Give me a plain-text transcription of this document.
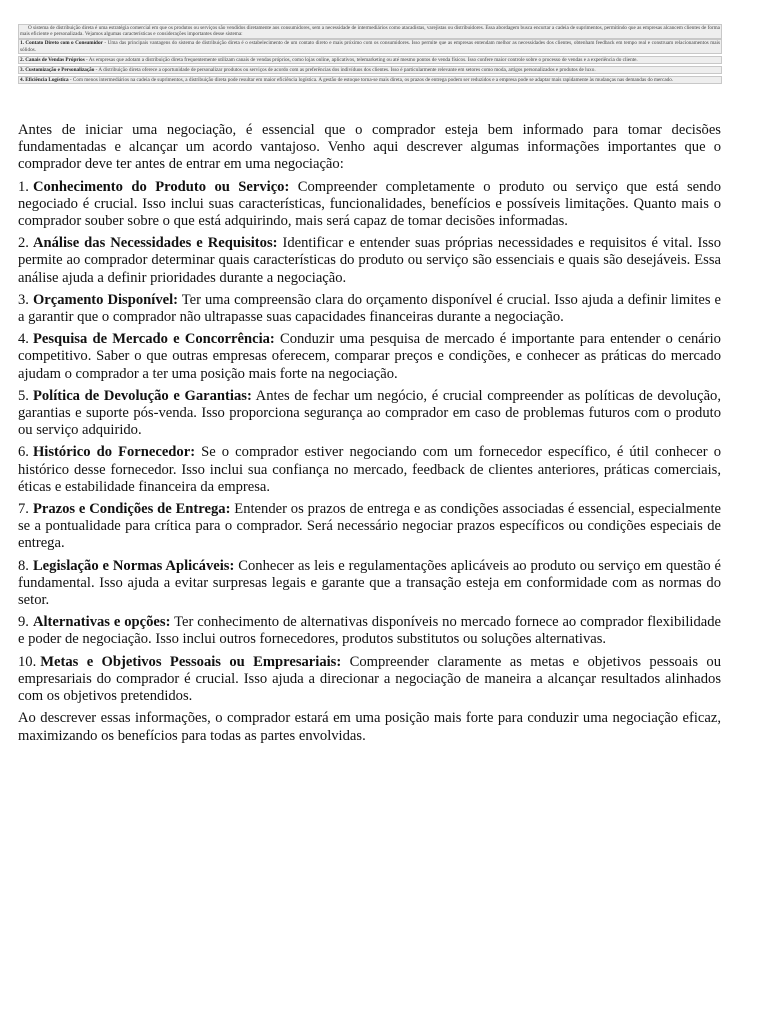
O sistema de distribuição direta é uma estratégia comercial em que os produtos ou serviços são vendidos diretamente aos consumidores, sem a necessidade de intermediários como atacadistas, varejistas ou distribuidores. Essa abordagem busca encurtar a cadeia de suprimentos, permitindo que as empresas alcancem clientes de forma mais eficiente e personalizada. Vejamos algumas características e considerações importantes desse sistema:
1. Contato Direto com o Consumidor - Uma das principais vantagens do sistema de distribuição direta é o estabelecimento de um contato direto e mais próximo com os consumidores. Isso permite que as empresas entendam melhor as necessidades dos clientes, obtenham feedback em tempo real e construam relacionamentos mais sólidos.
2. Canais de Vendas Próprios - As empresas que adotam a distribuição direta frequentemente utilizam canais de vendas próprios, como lojas online, aplicativos, telemarketing ou até mesmo pontos de venda físicos. Isso confere maior controle sobre o processo de vendas e a experiência do cliente.
3. Customização e Personalização - A distribuição direta oferece a oportunidade de personalizar produtos ou serviços de acordo com as preferências dos indivíduos dos clientes. Isso é particularmente relevante em setores como moda, artigos personalizados e produtos de luxo.
4. Eficiência Logística - Com menos intermediários na cadeia de suprimentos, a distribuição direta pode resultar em maior eficiência logística. A gestão de estoque torna-se mais direta, os prazos de entrega podem ser reduzidos e a empresa pode se adaptar mais rapidamente às mudanças nas demandas do mercado.

Antes de iniciar uma negociação, é essencial que o comprador esteja bem informado para tomar decisões fundamentadas e alcançar um acordo vantajoso. Venho aqui descrever algumas informações importantes que o comprador deve ter antes de entrar em uma negociação:

1. Conhecimento do Produto ou Serviço: Compreender completamente o produto ou serviço que está sendo negociado é crucial. Isso inclui suas características, funcionalidades, benefícios e possíveis limitações. Quanto mais o comprador souber sobre o que está adquirindo, mais será capaz de tomar decisões informadas.

2. Análise das Necessidades e Requisitos: Identificar e entender suas próprias necessidades e requisitos é vital. Isso permite ao comprador determinar quais características do produto ou serviço são essenciais e quais são desejáveis. Essa análise ajuda a definir prioridades durante a negociação.

3. Orçamento Disponível: Ter uma compreensão clara do orçamento disponível é crucial. Isso ajuda a definir limites e a garantir que o comprador não ultrapasse suas capacidades financeiras durante a negociação.

4. Pesquisa de Mercado e Concorrência: Conduzir uma pesquisa de mercado é importante para entender o cenário competitivo. Saber o que outras empresas oferecem, comparar preços e condições, e conhecer as práticas do mercado ajudam o comprador a ter uma posição mais forte na negociação.

5. Política de Devolução e Garantias: Antes de fechar um negócio, é crucial compreender as políticas de devolução, garantias e suporte pós-venda. Isso proporciona segurança ao comprador em caso de problemas futuros com o produto ou serviço adquirido.

6. Histórico do Fornecedor: Se o comprador estiver negociando com um fornecedor específico, é útil conhecer o histórico desse fornecedor. Isso inclui sua confiança no mercado, feedback de clientes anteriores, práticas comerciais, éticas e estabilidade financeira da empresa.

7. Prazos e Condições de Entrega: Entender os prazos de entrega e as condições associadas é essencial, especialmente se a pontualidade para crítica para o comprador. Será necessário negociar prazos específicos ou condições especiais de entrega.

8. Legislação e Normas Aplicáveis: Conhecer as leis e regulamentações aplicáveis ao produto ou serviço em questão é fundamental. Isso ajuda a evitar surpresas legais e garante que a transação esteja em conformidade com as normas do setor.

9. Alternativas e opções: Ter conhecimento de alternativas disponíveis no mercado fornece ao comprador flexibilidade e poder de negociação. Isso inclui outros fornecedores, produtos substitutos ou soluções alternativas.

10. Metas e Objetivos Pessoais ou Empresariais: Compreender claramente as metas e objetivos pessoais ou empresariais do comprador é crucial. Isso ajuda a direcionar a negociação de maneira a alcançar resultados alinhados com os objetivos pretendidos.

Ao descrever essas informações, o comprador estará em uma posição mais forte para conduzir uma negociação eficaz, maximizando os benefícios para todas as partes envolvidas.
